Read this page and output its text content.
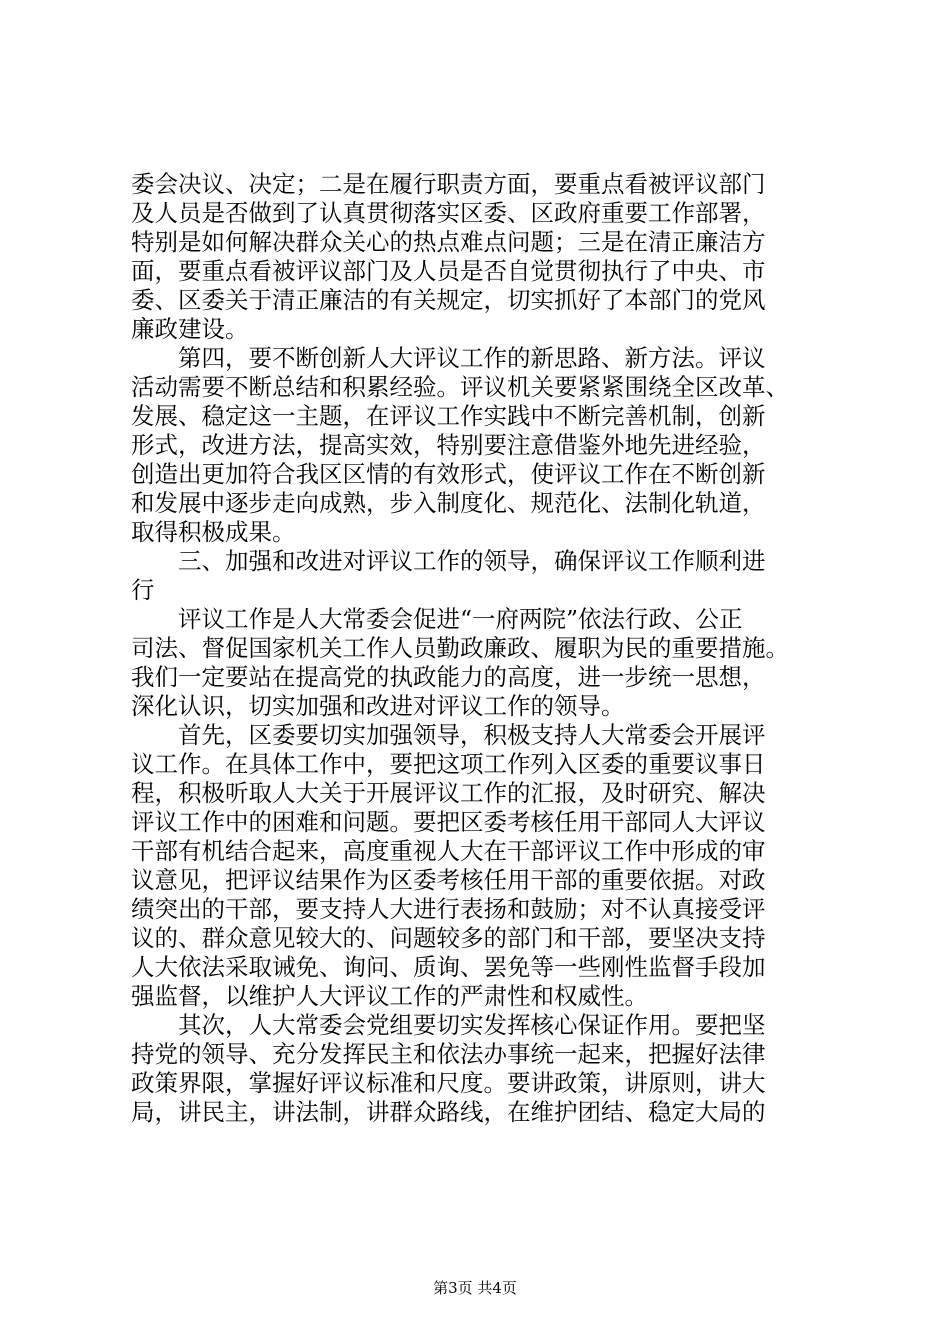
委会决议、决定；二是在履行职责方面，要重点看被评议部门
及人员是否做到了认真贯彻落实区委、区政府重要工作部署，
特别是如何解决群众关心的热点难点问题；三是在清正廉洁方
面，要重点看被评议部门及人员是否自觉贯彻执行了中央、市
委、区委关于清正廉洁的有关规定，切实抓好了本部门的党风
廉政建设。
　　第四，要不断创新人大评议工作的新思路、新方法。评议
活动需要不断总结和积累经验。评议机关要紧紧围绕全区改革、
发展、稳定这一主题，在评议工作实践中不断完善机制，创新
形式，改进方法，提高实效，特别要注意借鉴外地先进经验，
创造出更加符合我区区情的有效形式，使评议工作在不断创新
和发展中逐步走向成熟，步入制度化、规范化、法制化轨道，
取得积极成果。
　　三、加强和改进对评议工作的领导，确保评议工作顺利进
行
　　评议工作是人大常委会促进“一府两院”依法行政、公正
司法、督促国家机关工作人员勤政廉政、履职为民的重要措施。
我们一定要站在提高党的执政能力的高度，进一步统一思想，
深化认识，切实加强和改进对评议工作的领导。
　　首先，区委要切实加强领导，积极支持人大常委会开展评
议工作。在具体工作中，要把这项工作列入区委的重要议事日
程，积极听取人大关于开展评议工作的汇报，及时研究、解决
评议工作中的困难和问题。要把区委考核任用干部同人大评议
干部有机结合起来，高度重视人大在干部评议工作中形成的审
议意见，把评议结果作为区委考核任用干部的重要依据。对政
绩突出的干部，要支持人大进行表扬和鼓励；对不认真接受评
议的、群众意见较大的、问题较多的部门和干部，要坚决支持
人大依法采取诫免、询问、质询、罢免等一些刚性监督手段加
强监督，以维护人大评议工作的严肃性和权威性。
　　其次，人大常委会党组要切实发挥核心保证作用。要把坚
持党的领导、充分发挥民主和依法办事统一起来，把握好法律
政策界限，掌握好评议标准和尺度。要讲政策，讲原则，讲大
局，讲民主，讲法制，讲群众路线，在维护团结、稳定大局的
第3页 共4页
